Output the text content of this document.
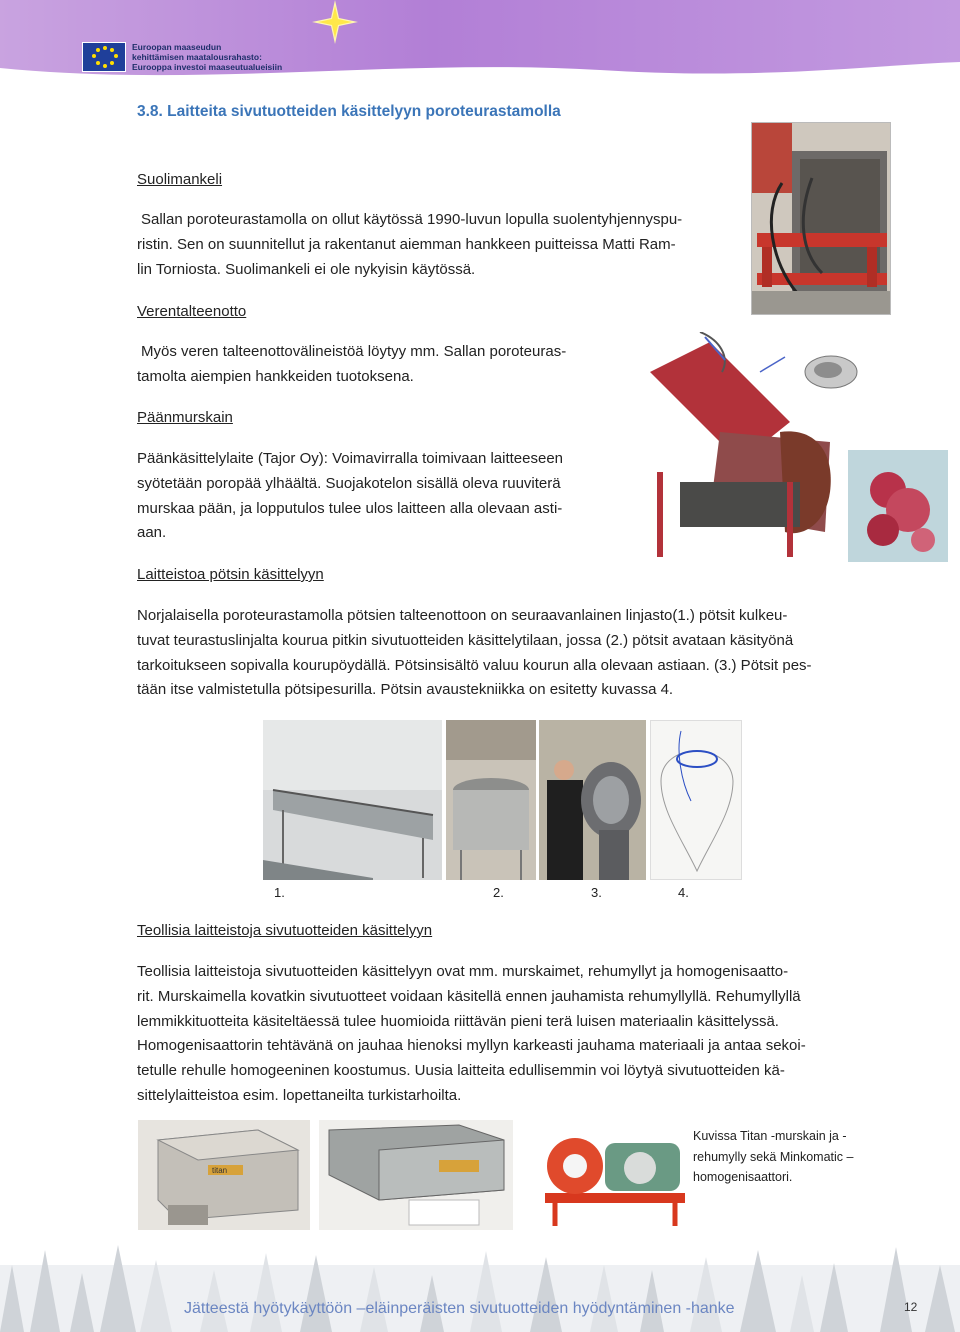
Euroopan maaseudun
kehittämisen maatalousrahasto:
Eurooppa investoi maaseutualueisiin
3.8. Laitteita sivutuotteiden käsittelyyn poroteurastamolla
Suolimankeli
Sallan poroteurastamolla on ollut käytössä 1990-luvun lopulla suolentyhjennyspu-
ristin. Sen on suunnitellut ja rakentanut aiemman hankkeen puitteissa Matti Ram-
lin Torniosta. Suolimankeli ei ole nykyisin käytössä.
Verentalteenotto
Myös veren talteenottovälineistöä löytyy mm. Sallan poroteuras-
tamolta aiempien hankkeiden tuotoksena.
Päänmurskain
Päänkäsittelylaite (Tajor Oy): Voimavirralla toimivaan laitteeseen
syötetään poropää ylhäältä. Suojakotelon sisällä oleva ruuviterä
murskaa pään, ja lopputulos tulee ulos laitteen alla olevaan asti-
aan.
Laitteistoa pötsin käsittelyyn
Norjalaisella poroteurastamolla pötsien talteenottoon on seuraavanlainen linjasto(1.) pötsit kulkeu-
tuvat teurastuslinjalta kourua pitkin sivutuotteiden käsittelytilaan, jossa (2.) pötsit avataan käsityönä
tarkoitukseen sopivalla kourupöydällä. Pötsinsisältö valuu kourun alla olevaan astiaan. (3.) Pötsit pes-
tään itse valmistetulla pötsipesurilla. Pötsin avaustekniikka on esitetty kuvassa 4.
1.	2.	3.	4.
Teollisia laitteistoja sivutuotteiden käsittelyyn
Teollisia laitteistoja sivutuotteiden käsittelyyn ovat mm. murskaimet, rehumyllyt ja homogenisaatto-
rit. Murskaimella kovatkin sivutuotteet voidaan käsitellä ennen jauhamista rehumyllyllä. Rehumyllyllä
lemmikkituotteita käsiteltäessä tulee huomioida riittävän pieni terä luisen materiaalin käsittelyssä.
Homogenisaattorin tehtävänä on jauhaa hienoksi myllyn karkeasti jauhama materiaali ja antaa sekoi-
tetulle rehulle homogeeninen koostumus. Uusia laitteita edullisemmin voi löytyä sivutuotteiden kä-
sittelylaitteistoa esim. lopettaneilta turkistarhoilta.
titan
Kuvissa Titan -murskain ja -
rehumylly sekä Minkomatic –
homogenisaattori.
Jätteestä hyötykäyttöön –eläinperäisten sivutuotteiden hyödyntäminen -hanke	12
